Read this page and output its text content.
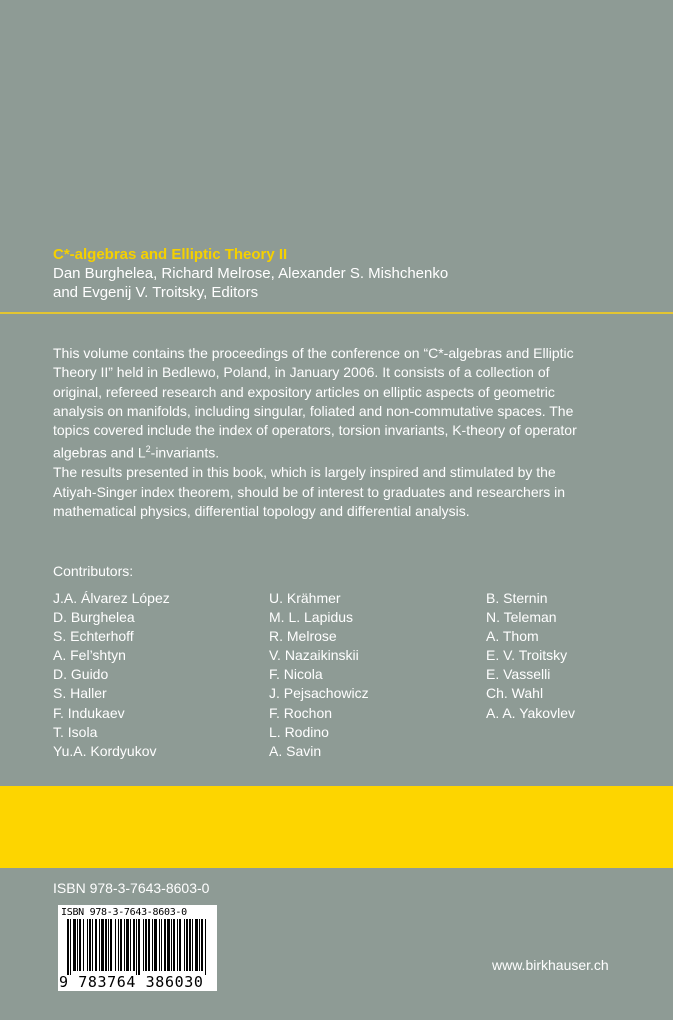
C*-algebras and Elliptic Theory II
Dan Burghelea, Richard Melrose, Alexander S. Mishchenko
and Evgenij V. Troitsky, Editors

This volume contains the proceedings of the conference on “C*-algebras and Elliptic Theory II” held in Bedlewo, Poland, in January 2006. It consists of a collection of original, refereed research and expository articles on elliptic aspects of geometric analysis on manifolds, including singular, foliated and non-commutative spaces. The topics covered include the index of operators, torsion invariants, K-theory of operator algebras and $L^2$-invariants.

The results presented in this book, which is largely inspired and stimulated by the Atiyah-Singer index theorem, should be of interest to graduates and researchers in mathematical physics, differential topology and differential analysis.

Contributors:
J.A. Álvarez López
D. Burghelea
S. Echterhoff
A. Fel’shtyn
D. Guido
S. Haller
F. Indukaev
T. Isola
Yu.A. Kordyukov
U. Krähmer
M. L. Lapidus
R. Melrose
V. Nazaikinskii
F. Nicola
J. Pejsachowicz
F. Rochon
L. Rodino
A. Savin
B. Sternin
N. Teleman
A. Thom
E. V. Troitsky
E. Vasselli
Ch. Wahl
A. A. Yakovlev
ISBN 978-3-7643-8603-0
ISBN 978-3-7643-8603-0
9 783764 386030
www.birkhauser.ch
